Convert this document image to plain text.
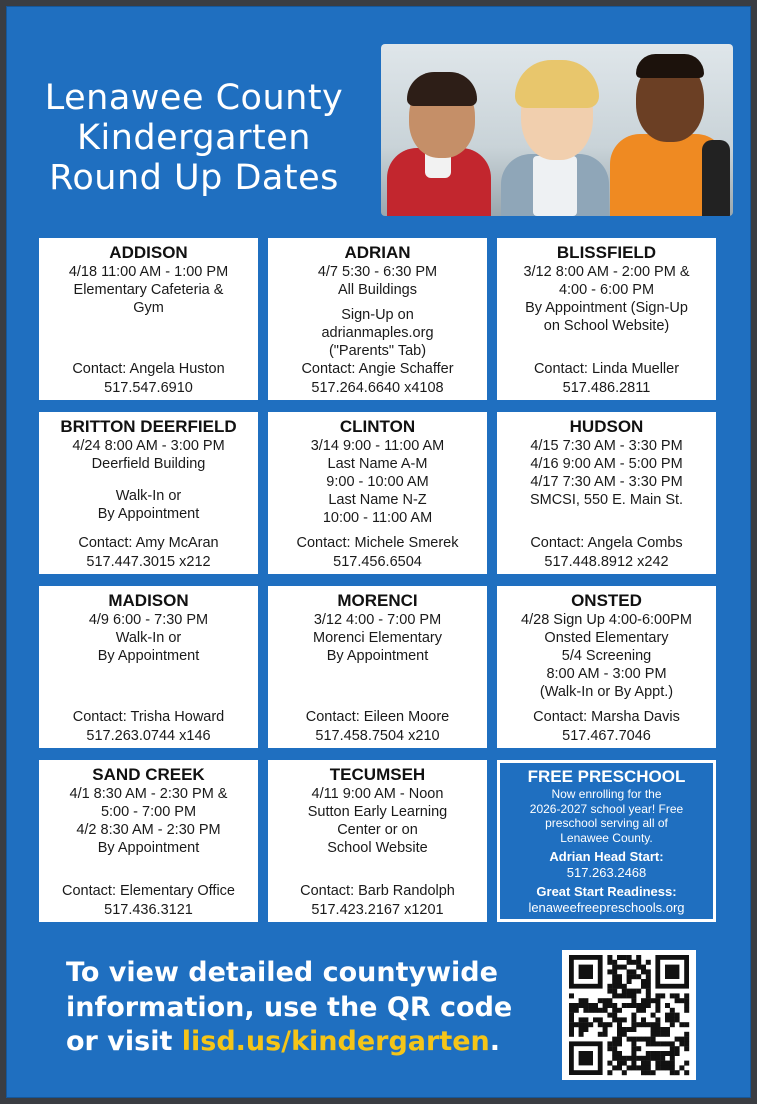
Lenawee County
Kindergarten
Round Up Dates
ADDISON
4/18 11:00 AM - 1:00 PM
Elementary Cafeteria &
Gym
Contact: Angela Huston
517.547.6910
ADRIAN
4/7 5:30 - 6:30 PM
All Buildings
Sign-Up on
adrianmaples.org
("Parents" Tab)
Contact: Angie Schaffer
517.264.6640 x4108
BLISSFIELD
3/12 8:00 AM - 2:00 PM &
4:00 - 6:00 PM
By Appointment (Sign-Up
on School Website)
Contact: Linda Mueller
517.486.2811
BRITTON DEERFIELD
4/24 8:00 AM - 3:00 PM
Deerfield Building
Walk-In or
By Appointment
Contact: Amy McAran
517.447.3015 x212
CLINTON
3/14 9:00 - 11:00 AM
Last Name A-M
9:00 - 10:00 AM
Last Name N-Z
10:00 - 11:00 AM
Contact: Michele Smerek
517.456.6504
HUDSON
4/15 7:30 AM - 3:30 PM
4/16 9:00 AM - 5:00 PM
4/17 7:30 AM - 3:30 PM
SMCSI, 550 E. Main St.
Contact: Angela Combs
517.448.8912 x242
MADISON
4/9 6:00 - 7:30 PM
Walk-In or
By Appointment
Contact: Trisha Howard
517.263.0744 x146
MORENCI
3/12 4:00 - 7:00 PM
Morenci Elementary
By Appointment
Contact: Eileen Moore
517.458.7504 x210
ONSTED
4/28 Sign Up 4:00-6:00PM
Onsted Elementary
5/4 Screening
8:00 AM - 3:00 PM
(Walk-In or By Appt.)
Contact: Marsha Davis
517.467.7046
SAND CREEK
4/1 8:30 AM - 2:30 PM &
5:00 - 7:00 PM
4/2 8:30 AM - 2:30 PM
By Appointment
Contact: Elementary Office
517.436.3121
TECUMSEH
4/11 9:00 AM - Noon
Sutton Early Learning
Center or on
School Website
Contact: Barb Randolph
517.423.2167 x1201
FREE PRESCHOOL
Now enrolling for the
2026-2027 school year! Free
preschool serving all of
Lenawee County.
Adrian Head Start:
517.263.2468
Great Start Readiness:
lenaweefreepreschools.org
To view detailed countywide
information, use the QR code
or visit lisd.us/kindergarten.
